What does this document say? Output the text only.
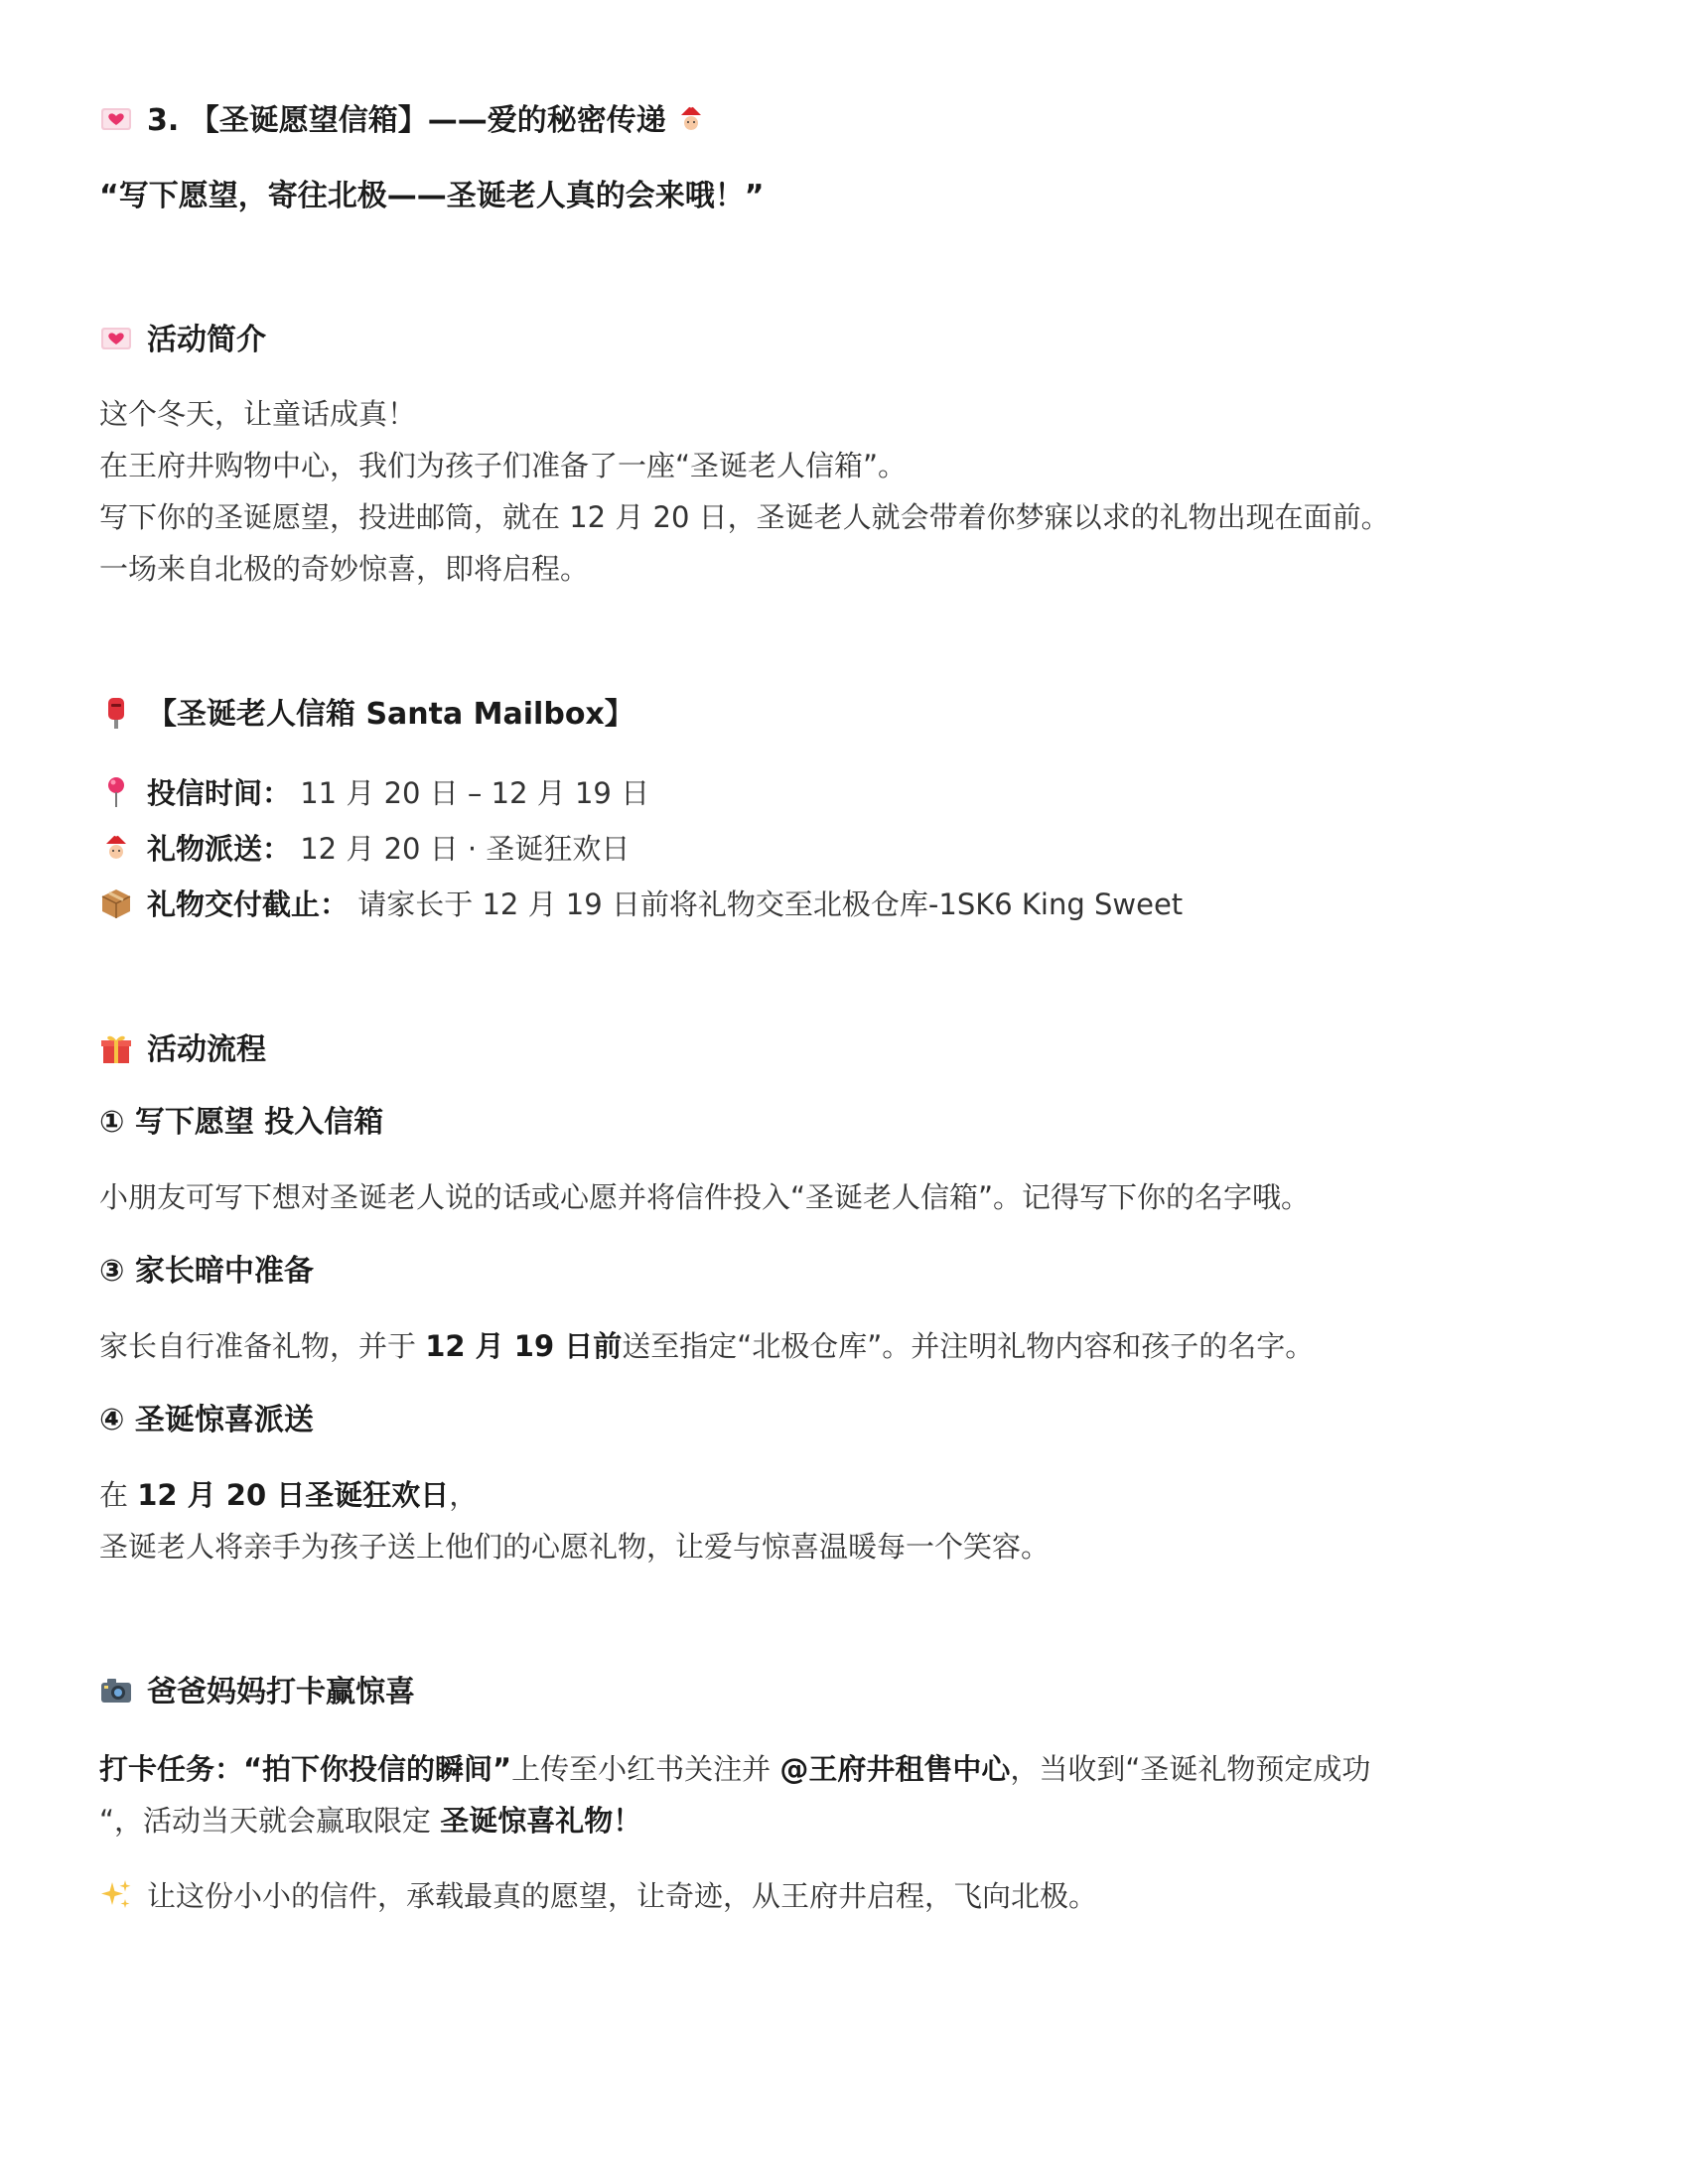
3. 【圣诞愿望信箱】——爱的秘密传递
“写下愿望，寄往北极——圣诞老人真的会来哦！”
活动简介
这个冬天，让童话成真！
在王府井购物中心，我们为孩子们准备了一座“圣诞老人信箱”。
写下你的圣诞愿望，投进邮筒，就在 12 月 20 日，圣诞老人就会带着你梦寐以求的礼物出现在面前。
一场来自北极的奇妙惊喜，即将启程。
【圣诞老人信箱 Santa Mailbox】
投信时间： 11 月 20 日 – 12 月 19 日
礼物派送： 12 月 20 日 · 圣诞狂欢日
礼物交付截止： 请家长于 12 月 19 日前将礼物交至北极仓库-1SK6 King Sweet
活动流程
① 写下愿望 投入信箱
小朋友可写下想对圣诞老人说的话或心愿并将信件投入“圣诞老人信箱”。记得写下你的名字哦。
③ 家长暗中准备
家长自行准备礼物，并于 12 月 19 日前送至指定“北极仓库”。并注明礼物内容和孩子的名字。
④ 圣诞惊喜派送
在 12 月 20 日圣诞狂欢日，
圣诞老人将亲手为孩子送上他们的心愿礼物，让爱与惊喜温暖每一个笑容。
爸爸妈妈打卡赢惊喜
打卡任务：“拍下你投信的瞬间”上传至小红书关注并 @王府井租售中心，当收到“圣诞礼物预定成功
“，活动当天就会赢取限定 圣诞惊喜礼物！
让这份小小的信件，承载最真的愿望，让奇迹，从王府井启程，飞向北极。
